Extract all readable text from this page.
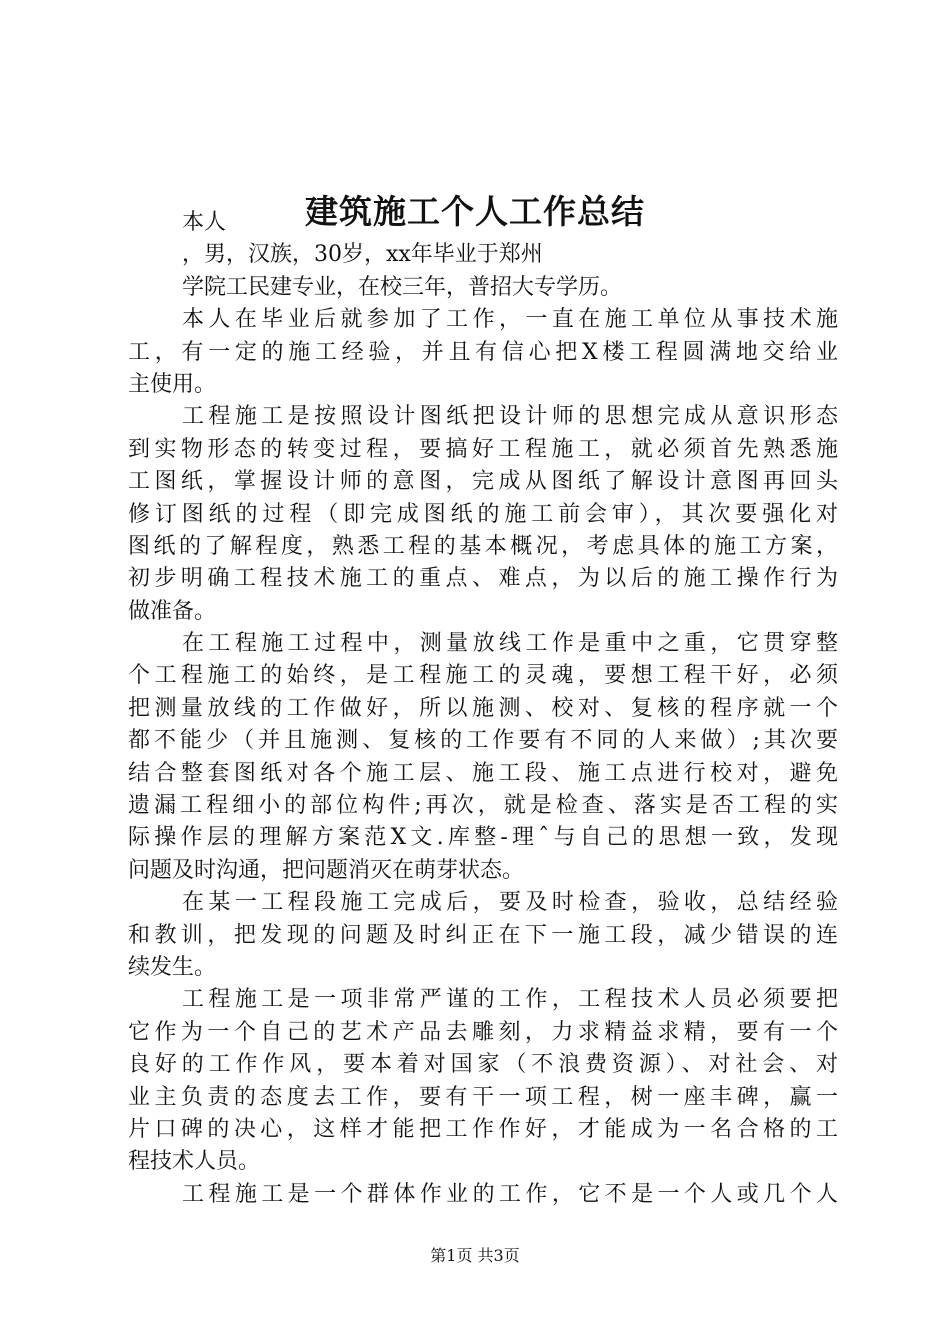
建筑施工个人工作总结
本人
，男，汉族，30岁，xx年毕业于郑州
学院工民建专业，在校三年，普招大专学历。
本人在毕业后就参加了工作，一直在施工单位从事技术施
工，有一定的施工经验，并且有信心把X楼工程圆满地交给业
主使用。
工程施工是按照设计图纸把设计师的思想完成从意识形态
到实物形态的转变过程，要搞好工程施工，就必须首先熟悉施
工图纸，掌握设计师的意图，完成从图纸了解设计意图再回头
修订图纸的过程（即完成图纸的施工前会审），其次要强化对
图纸的了解程度，熟悉工程的基本概况，考虑具体的施工方案，
初步明确工程技术施工的重点、难点，为以后的施工操作行为
做准备。
在工程施工过程中，测量放线工作是重中之重，它贯穿整
个工程施工的始终，是工程施工的灵魂，要想工程干好，必须
把测量放线的工作做好，所以施测、校对、复核的程序就一个
都不能少（并且施测、复核的工作要有不同的人来做）;其次要
结合整套图纸对各个施工层、施工段、施工点进行校对，避免
遗漏工程细小的部位构件;再次，就是检查、落实是否工程的实
际操作层的理解方案范X文.库整-理ˆ与自己的思想一致，发现
问题及时沟通，把问题消灭在萌芽状态。
在某一工程段施工完成后，要及时检查，验收，总结经验
和教训，把发现的问题及时纠正在下一施工段，减少错误的连
续发生。
工程施工是一项非常严谨的工作，工程技术人员必须要把
它作为一个自己的艺术产品去雕刻，力求精益求精，要有一个
良好的工作作风，要本着对国家（不浪费资源）、对社会、对
业主负责的态度去工作，要有干一项工程，树一座丰碑，赢一
片口碑的决心，这样才能把工作作好，才能成为一名合格的工
程技术人员。
工程施工是一个群体作业的工作，它不是一个人或几个人
第1页 共3页
